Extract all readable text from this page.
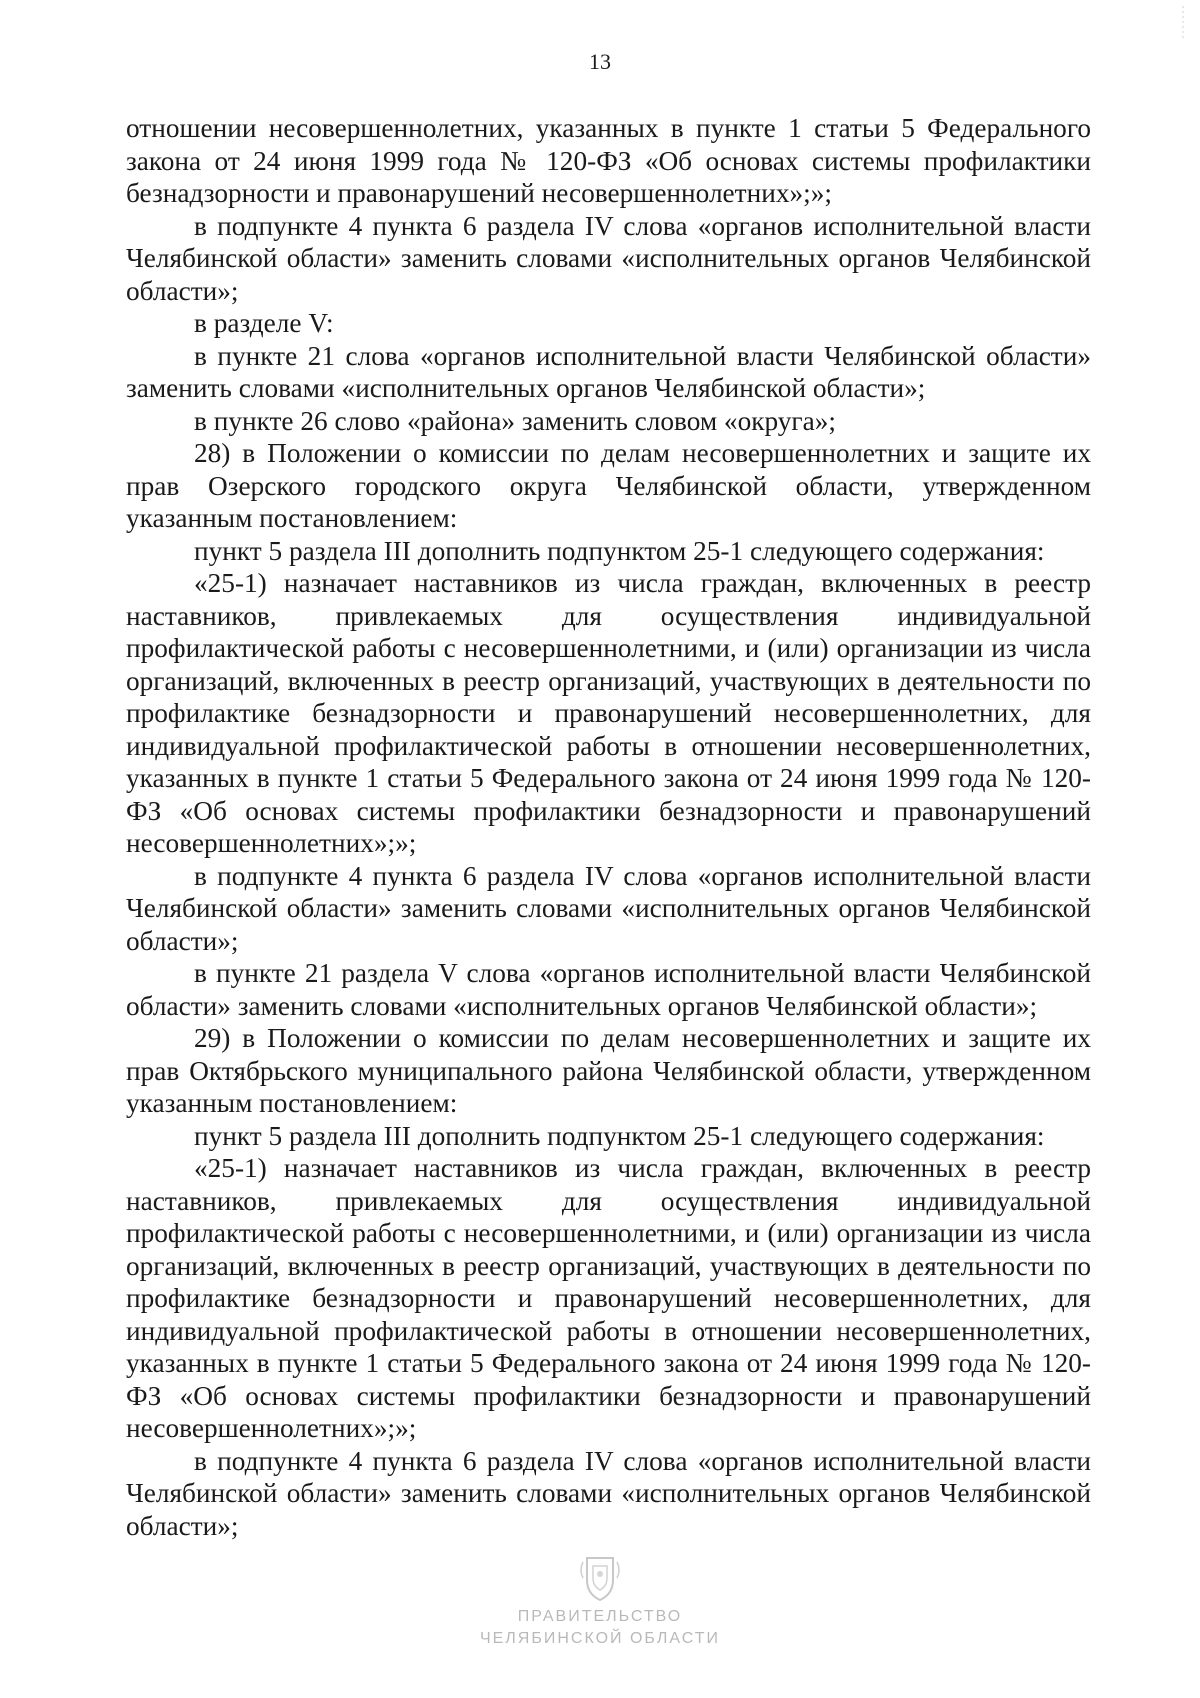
13

отношении несовершеннолетних, указанных в пункте 1 статьи 5 Федерального закона от 24 июня 1999 года № 120-ФЗ «Об основах системы профилактики безнадзорности и правонарушений несовершеннолетних»;»;

в подпункте 4 пункта 6 раздела IV слова «органов исполнительной власти Челябинской области» заменить словами «исполнительных органов Челябинской области»;

в разделе V:

в пункте 21 слова «органов исполнительной власти Челябинской области» заменить словами «исполнительных органов Челябинской области»;

в пункте 26 слово «района» заменить словом «округа»;

28) в Положении о комиссии по делам несовершеннолетних и защите их прав Озерского городского округа Челябинской области, утвержденном указанным постановлением:

пункт 5 раздела III дополнить подпунктом 25-1 следующего содержания:

«25-1) назначает наставников из числа граждан, включенных в реестр наставников, привлекаемых для осуществления индивидуальной профилактической работы с несовершеннолетними, и (или) организации из числа организаций, включенных в реестр организаций, участвующих в деятельности по профилактике безнадзорности и правонарушений несовершеннолетних, для индивидуальной профилактической работы в отношении несовершеннолетних, указанных в пункте 1 статьи 5 Федерального закона от 24 июня 1999 года № 120-ФЗ «Об основах системы профилактики безнадзорности и правонарушений несовершеннолетних»;»;

в подпункте 4 пункта 6 раздела IV слова «органов исполнительной власти Челябинской области» заменить словами «исполнительных органов Челябинской области»;

в пункте 21 раздела V слова «органов исполнительной власти Челябинской области» заменить словами «исполнительных органов Челябинской области»;

29) в Положении о комиссии по делам несовершеннолетних и защите их прав Октябрьского муниципального района Челябинской области, утвержденном указанным постановлением:

пункт 5 раздела III дополнить подпунктом 25-1 следующего содержания:

«25-1) назначает наставников из числа граждан, включенных в реестр наставников, привлекаемых для осуществления индивидуальной профилактической работы с несовершеннолетними, и (или) организации из числа организаций, включенных в реестр организаций, участвующих в деятельности по профилактике безнадзорности и правонарушений несовершеннолетних, для индивидуальной профилактической работы в отношении несовершеннолетних, указанных в пункте 1 статьи 5 Федерального закона от 24 июня 1999 года № 120-ФЗ «Об основах системы профилактики безнадзорности и правонарушений несовершеннолетних»;»;

в подпункте 4 пункта 6 раздела IV слова «органов исполнительной власти Челябинской области» заменить словами «исполнительных органов Челябинской области»;

ПРАВИТЕЛЬСТВО
ЧЕЛЯБИНСКОЙ ОБЛАСТИ
